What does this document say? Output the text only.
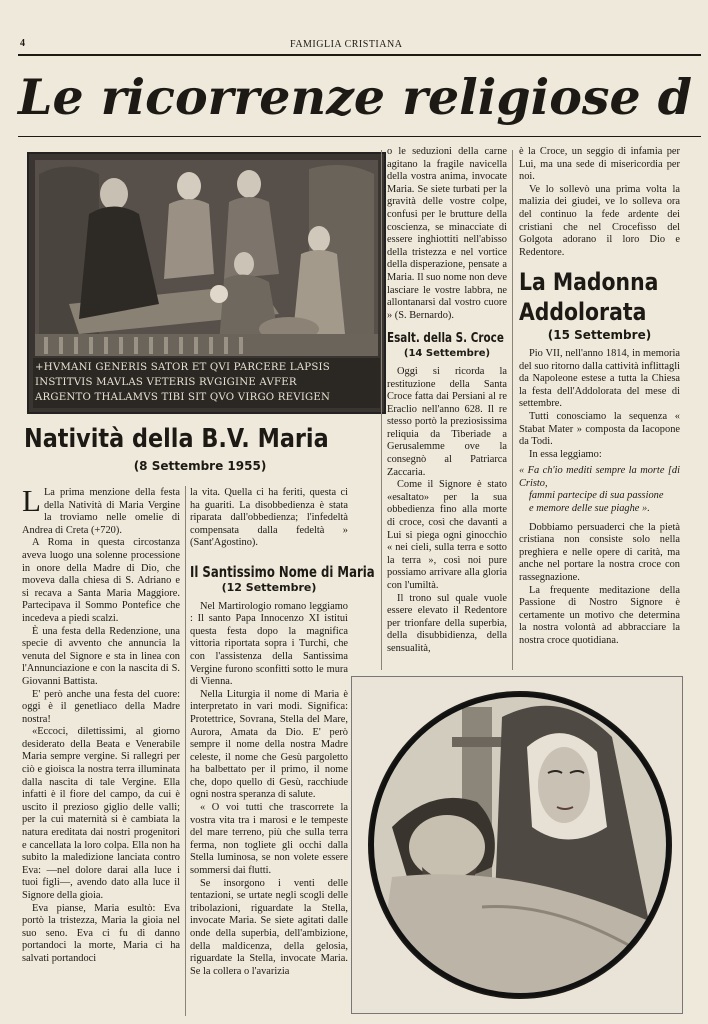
4	FAMIGLIA CRISTIANA
Le ricorrenze religiose d
+HVMANI GENERIS SATOR ET QVI PARCERE LAPSIS
INSTITVIS MAVLAS VETERIS RVGIGINE AVFER
ARGENTO THALAMVS TIBI SIT QVO VIRGO REVIGEN
Natività della B.V. Maria
(8 Settembre 1955)

L La prima menzione della festa della Natività di Maria Vergine la troviamo nelle omelie di Andrea di Creta (+720).

A Roma in questa circostanza aveva luogo una solenne processione in onore della Madre di Dio, che moveva dalla chiesa di S. Adriano e si recava a Santa Maria Maggiore. Partecipava il Sommo Pontefice che incedeva a piedi scalzi.

È una festa della Redenzione, una specie di avvento che annuncia la venuta del Signore e sta in linea con l'Annunciazione e con la nascita di S. Giovanni Battista.

E' però anche una festa del cuore: oggi è il genetliaco della Madre nostra!

«Eccoci, dilettissimi, al giorno desiderato della Beata e Venerabile Maria sempre vergine. Si rallegri per ciò e gioisca la nostra terra illuminata dalla nascita di tale Vergine. Ella infatti è il fiore del campo, da cui è uscito il prezioso giglio delle valli; per la cui maternità si è cambiata la natura ereditata dai nostri progenitori e cancellata la loro colpa. Ella non ha subito la maledizione lanciata contro Eva: —nel dolore darai alla luce i tuoi figli—, avendo dato alla luce il Signore della gioia.

Eva pianse, Maria esultò: Eva portò la tristezza, Maria la gioia nel suo seno. Eva ci fu di danno portandoci la morte, Maria ci ha salvati portandoci

la vita. Quella ci ha feriti, questa ci ha guariti. La disobbedienza è stata riparata dall'obbedienza; l'infedeltà compensata dalla fedeltà » (Sant'Agostino).

Il Santissimo Nome di Maria
(12 Settembre)

Nel Martirologio romano leggiamo : Il santo Papa Innocenzo XI istituì questa festa dopo la magnifica vittoria riportata sopra i Turchi, che con l'assistenza della Santissima Vergine furono sconfitti sotto le mura di Vienna.

Nella Liturgia il nome di Maria è interpretato in vari modi. Significa: Protettrice, Sovrana, Stella del Mare, Aurora, Amata da Dio. E' però sempre il nome della nostra Madre celeste, il nome che Gesù pargoletto ha balbettato per il primo, il nome che, dopo quello di Gesù, racchiude ogni nostra speranza di salute.

« O voi tutti che trascorrete la vostra vita tra i marosi e le tempeste del mare terreno, più che sulla terra ferma, non togliete gli occhi dalla Stella luminosa, se non volete essere sommersi dai flutti.

Se insorgono i venti delle tentazioni, se urtate negli scogli delle tribolazioni, riguardate la Stella, invocate Maria. Se siete agitati dalle onde della superbia, dell'ambizione, della maldicenza, della gelosia, riguardate la Stella, invocate Maria. Se la collera o l'avarizia

o le seduzioni della carne agitano la fragile navicella della vostra anima, invocate Maria. Se siete turbati per la gravità delle vostre colpe, confusi per le brutture della coscienza, se minacciate di essere inghiottiti nell'abisso della tristezza e nel vortice della disperazione, pensate a Maria. Il suo nome non deve lasciare le vostre labbra, ne allontanarsi dal vostro cuore » (S. Bernardo).

Esalt. della S. Croce
(14 Settembre)

Oggi si ricorda la restituzione della Santa Croce fatta dai Persiani al re Eraclio nell'anno 628. Il re stesso portò la preziosissima reliquia da Tiberiade a Gerusalemme ove la consegnò al Patriarca Zaccaria.

Come il Signore è stato «esaltato» per la sua obbedienza fino alla morte di croce, così che davanti a Lui si piega ogni ginocchio « nei cieli, sulla terra e sotto la terra », così noi pure possiamo arrivare alla gloria con l'umiltà.

Il trono sul quale vuole essere elevato il Redentore per trionfare della superbia, della disubbidienza, della sensualità,

è la Croce, un seggio di infamia per Lui, ma una sede di misericordia per noi.

Ve lo sollevò una prima volta la malizia dei giudei, ve lo solleva ora del continuo la fede ardente dei cristiani che nel Crocefisso del Golgota adorano il loro Dio e Redentore.

La Madonna
Addolorata
(15 Settembre)

Pio VII, nell'anno 1814, in memoria del suo ritorno dalla cattività inflittagli da Napoleone estese a tutta la Chiesa la festa dell'Addolorata del mese di settembre.

Tutti conosciamo la sequenza « Stabat Mater » composta da Iacopone da Todi.

In essa leggiamo:

« Fa ch'io mediti sempre la morte [di Cristo,

fammi partecipe di sua passione

e memore delle sue piaghe ».

Dobbiamo persuaderci che la pietà cristiana non consiste solo nella preghiera e nelle opere di carità, ma anche nel portare la nostra croce con rassegnazione.

La frequente meditazione della Passione di Nostro Signore è certamente un motivo che determina la nostra volontà ad abbracciare la nostra croce quotidiana.
